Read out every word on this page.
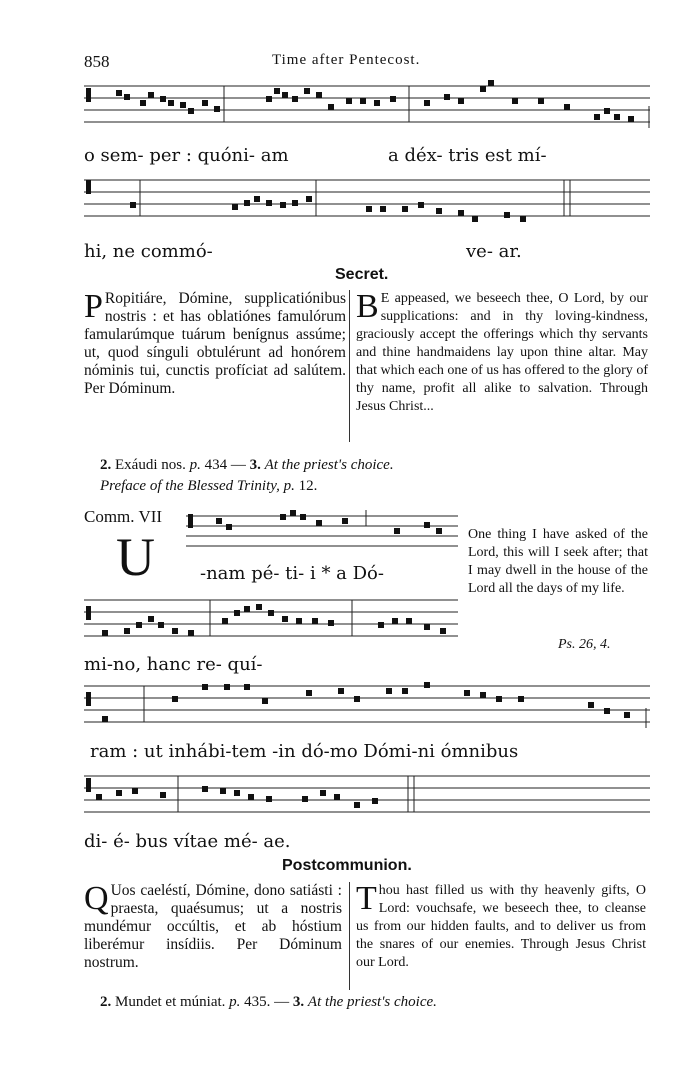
858	Time after Pentecost.
o sem- per : quóni- am	a déx- tris est mí-
hi, ne commó-	ve- ar.
Secret.
P Ropitiáre, Dómine, supplicatiónibus nostris : et has oblatiónes famulórum famularúmque tuárum benígnus assúme; ut, quod sínguli obtulérunt ad honórem nóminis tui, cunctis profíciat ad salútem. Per Dóminum.
B E appeased, we beseech thee, O Lord, by our supplications: and in thy loving-kindness, graciously accept the offerings which thy servants and thine handmaidens lay upon thine altar. May that which each one of us has offered to the glory of thy name, profit all alike to salvation. Through Jesus Christ...
2. Exáudi nos. p. 434 — 3. At the priest's choice.
Preface of the Blessed Trinity, p. 12.
Comm. VII
U	-nam pé- ti- i * a Dó-
mi-no, hanc re- quí-
One thing I have asked of the Lord, this will I seek after; that I may dwell in the house of the Lord all the days of my life.
Ps. 26, 4.
ram : ut inhábi-tem -in dó-mo Dómi-ni ómnibus
di- é- bus vítae mé- ae.
Postcommunion.
Q Uos caeléstí, Dómine, dono satiásti : praesta, quaésumus; ut a nostris mundémur occúltis, et ab hóstium liberémur insídiis. Per Dóminum nostrum.
Thou hast filled us with thy heavenly gifts, O Lord: vouchsafe, we beseech thee, to cleanse us from our hidden faults, and to deliver us from the snares of our enemies. Through Jesus Christ our Lord.
2. Mundet et múniat. p. 435. — 3. At the priest's choice.
